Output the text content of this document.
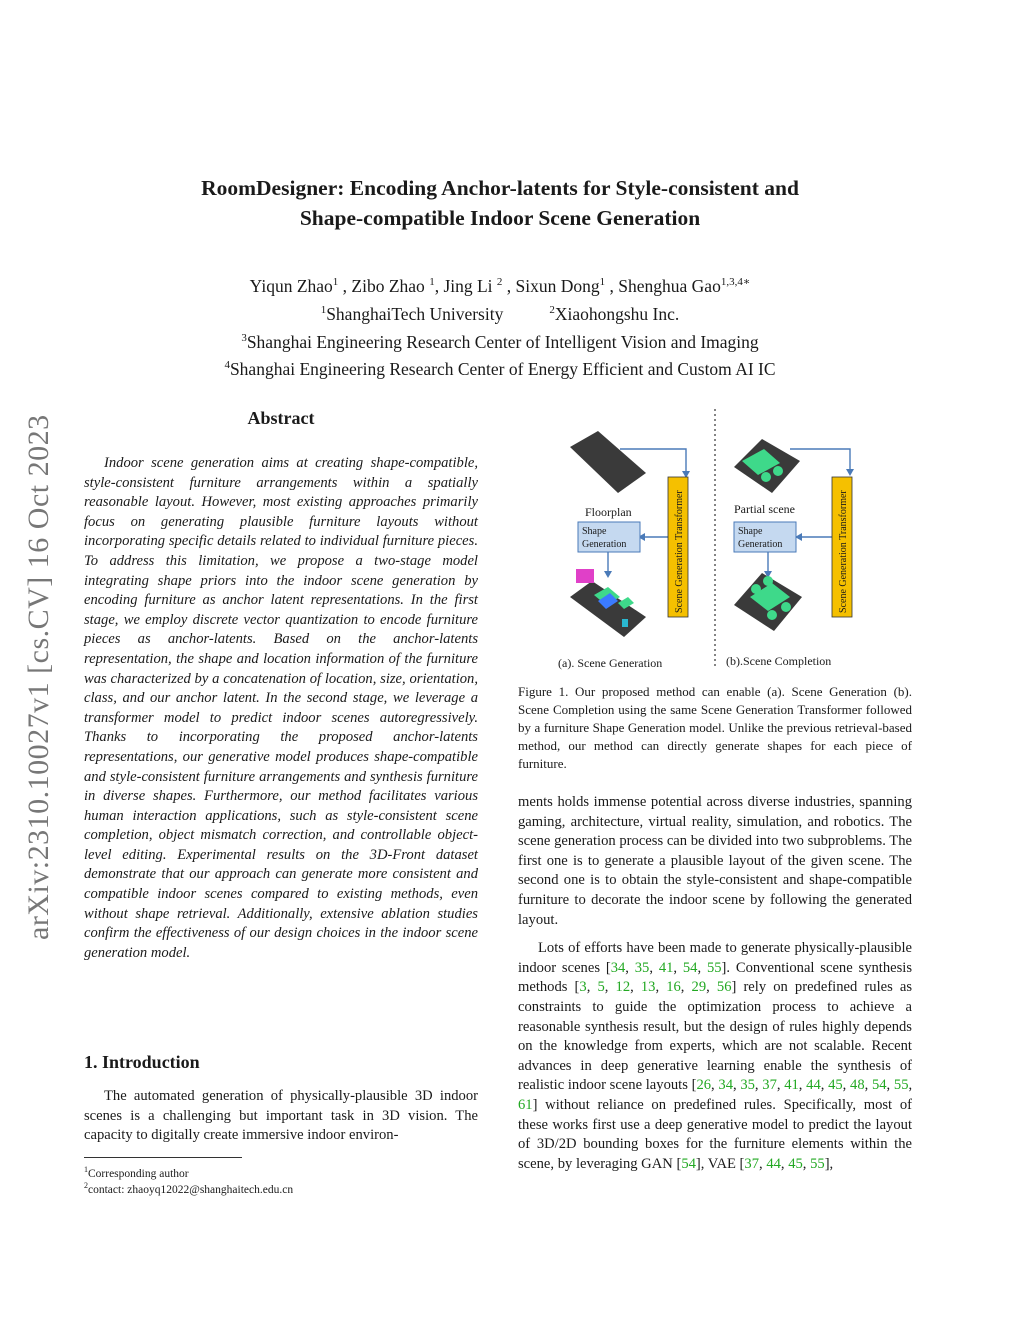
arXiv:2310.10027v1 [cs.CV] 16 Oct 2023
RoomDesigner: Encoding Anchor-latents for Style-consistent and
Shape-compatible Indoor Scene Generation
Yiqun Zhao$^1$ , Zibo Zhao $^1$, Jing Li $^2$ , Sixun Dong$^1$ , Shenghua Gao$^{1,3,4∗}$
$^1$ShanghaiTech University	$^2$Xiaohongshu Inc.
$^3$Shanghai Engineering Research Center of Intelligent Vision and Imaging
$^4$Shanghai Engineering Research Center of Energy Efficient and Custom AI IC
Abstract
Indoor scene generation aims at creating shape-compatible, style-consistent furniture arrangements within a spatially reasonable layout. However, most existing approaches primarily focus on generating plausible furniture layouts without incorporating specific details related to individual furniture pieces. To address this limitation, we propose a two-stage model integrating shape priors into the indoor scene generation by encoding furniture as anchor latent representations. In the first stage, we employ discrete vector quantization to encode furniture pieces as anchor-latents. Based on the anchor-latents representation, the shape and location information of the furniture was characterized by a concatenation of location, size, orientation, class, and our anchor latent. In the second stage, we leverage a transformer model to predict indoor scenes autoregressively. Thanks to incorporating the proposed anchor-latents representations, our generative model produces shape-compatible and style-consistent furniture arrangements and synthesis furniture in diverse shapes. Furthermore, our method facilitates various human interaction applications, such as style-consistent scene completion, object mismatch correction, and controllable object-level editing. Experimental results on the 3D-Front dataset demonstrate that our approach can generate more consistent and compatible indoor scenes compared to existing methods, even without shape retrieval. Additionally, extensive ablation studies confirm the effectiveness of our design choices in the indoor scene generation model.
1. Introduction
The automated generation of physically-plausible 3D indoor scenes is a challenging but important task in 3D vision. The capacity to digitally create immersive indoor environ-
$^1$Corresponding author
$^2$contact: zhaoyq12022@shanghaitech.edu.cn
Floorplan
Shape
Generation	Scene Generation Transformer
(a). Scene Generation
Partial scene
Shape
Generation	Scene Generation Transformer
(b).Scene Completion
Figure 1. Our proposed method can enable (a). Scene Generation (b). Scene Completion using the same Scene Generation Transformer followed by a furniture Shape Generation model. Unlike the previous retrieval-based method, our method can directly generate shapes for each piece of furniture.

ments holds immense potential across diverse industries, spanning gaming, architecture, virtual reality, simulation, and robotics. The scene generation process can be divided into two subproblems. The first one is to generate a plausible layout of the given scene. The second one is to obtain the style-consistent and shape-compatible furniture to decorate the indoor scene by following the generated layout.

Lots of efforts have been made to generate physically-plausible indoor scenes [34, 35, 41, 54, 55]. Conventional scene synthesis methods [3, 5, 12, 13, 16, 29, 56] rely on predefined rules as constraints to guide the optimization process to achieve a reasonable synthesis result, but the design of rules highly depends on the knowledge from experts, which are not scalable. Recent advances in deep generative learning enable the synthesis of realistic indoor scene layouts [26, 34, 35, 37, 41, 44, 45, 48, 54, 55, 61] without reliance on predefined rules. Specifically, most of these works first use a deep generative model to predict the layout of 3D/2D bounding boxes for the furniture elements within the scene, by leveraging GAN [54], VAE [37, 44, 45, 55],
